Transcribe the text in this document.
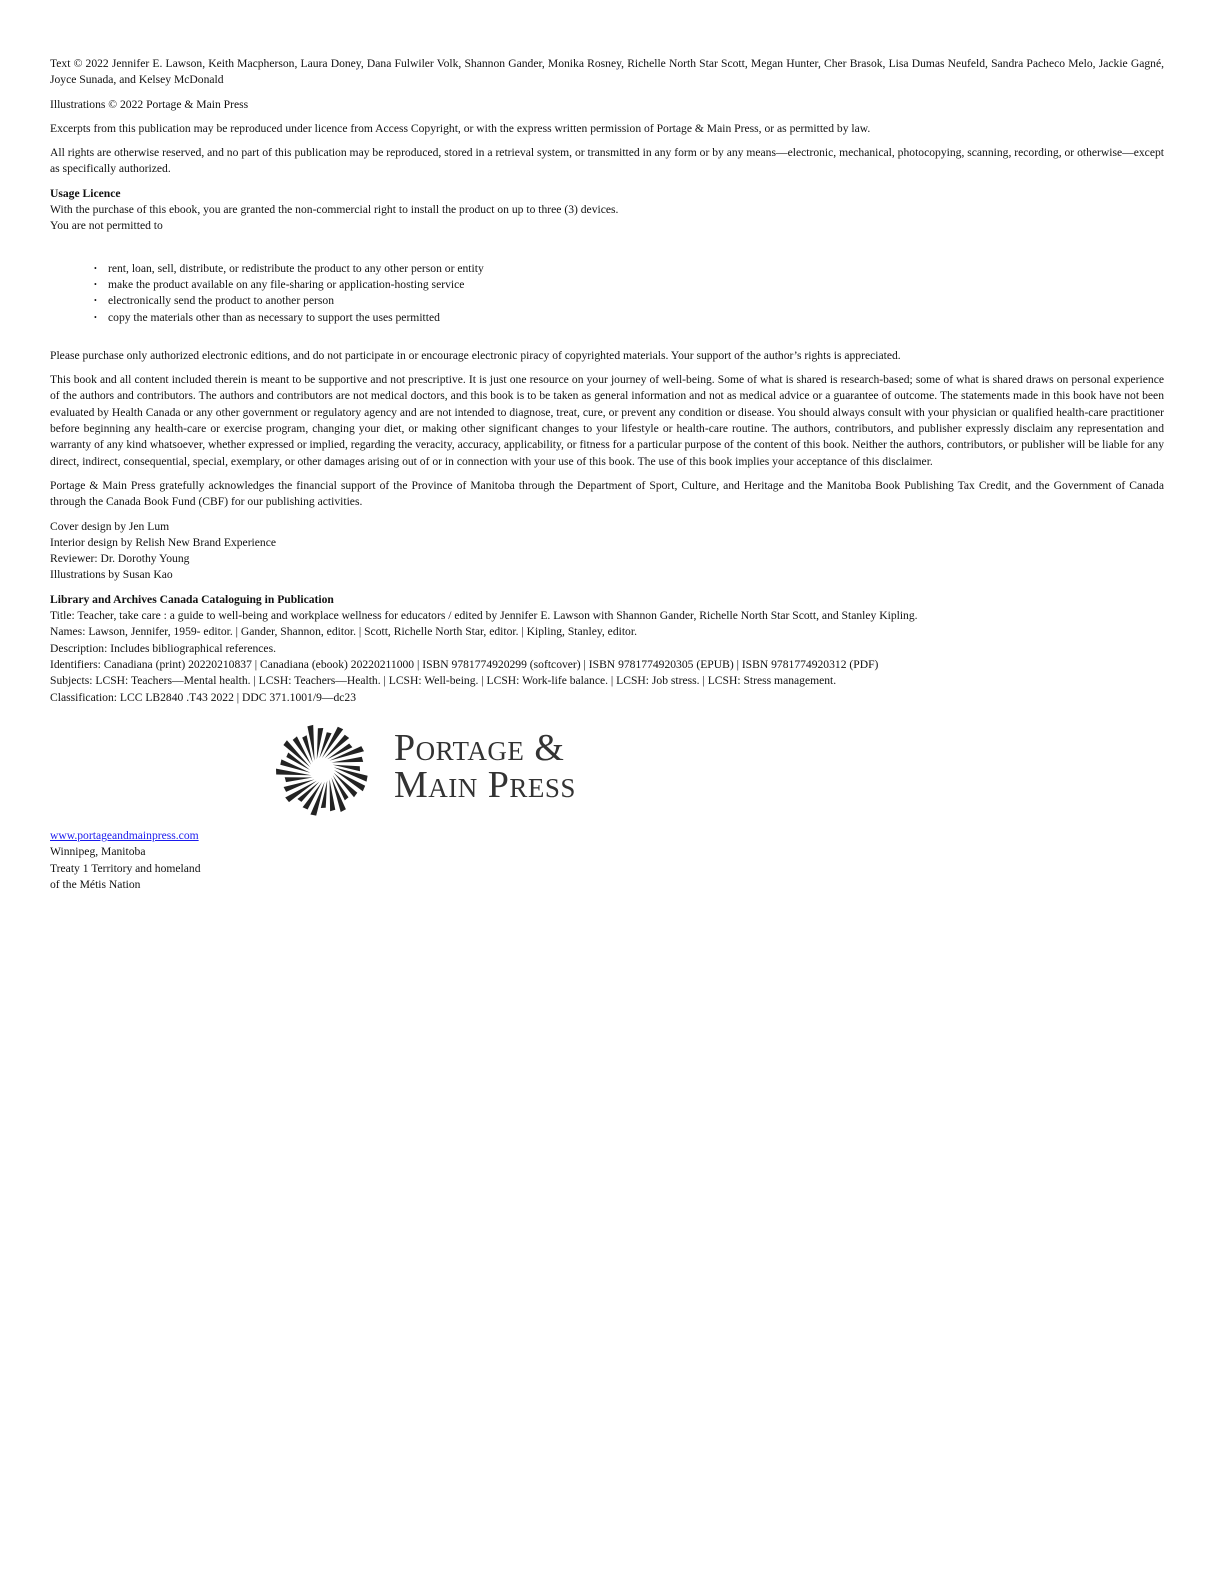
Text © 2022 Jennifer E. Lawson, Keith Macpherson, Laura Doney, Dana Fulwiler Volk, Shannon Gander, Monika Rosney, Richelle North Star Scott, Megan Hunter, Cher Brasok, Lisa Dumas Neufeld, Sandra Pacheco Melo, Jackie Gagné, Joyce Sunada, and Kelsey McDonald

Illustrations © 2022 Portage & Main Press

Excerpts from this publication may be reproduced under licence from Access Copyright, or with the express written permission of Portage & Main Press, or as permitted by law.

All rights are otherwise reserved, and no part of this publication may be reproduced, stored in a retrieval system, or transmitted in any form or by any means—electronic, mechanical, photocopying, scanning, recording, or otherwise—except as specifically authorized.

Usage Licence

With the purchase of this ebook, you are granted the non-commercial right to install the product on up to three (3) devices.

You are not permitted to

• rent, loan, sell, distribute, or redistribute the product to any other person or entity
• make the product available on any file-sharing or application-hosting service
• electronically send the product to another person
• copy the materials other than as necessary to support the uses permitted

Please purchase only authorized electronic editions, and do not participate in or encourage electronic piracy of copyrighted materials. Your support of the author’s rights is appreciated.

This book and all content included therein is meant to be supportive and not prescriptive. It is just one resource on your journey of well-being. Some of what is shared is research-based; some of what is shared draws on personal experience of the authors and contributors. The authors and contributors are not medical doctors, and this book is to be taken as general information and not as medical advice or a guarantee of outcome. The statements made in this book have not been evaluated by Health Canada or any other government or regulatory agency and are not intended to diagnose, treat, cure, or prevent any condition or disease. You should always consult with your physician or qualified health-care practitioner before beginning any health-care or exercise program, changing your diet, or making other significant changes to your lifestyle or health-care routine. The authors, contributors, and publisher expressly disclaim any representation and warranty of any kind whatsoever, whether expressed or implied, regarding the veracity, accuracy, applicability, or fitness for a particular purpose of the content of this book. Neither the authors, contributors, or publisher will be liable for any direct, indirect, consequential, special, exemplary, or other damages arising out of or in connection with your use of this book. The use of this book implies your acceptance of this disclaimer.

Portage & Main Press gratefully acknowledges the financial support of the Province of Manitoba through the Department of Sport, Culture, and Heritage and the Manitoba Book Publishing Tax Credit, and the Government of Canada through the Canada Book Fund (CBF) for our publishing activities.

Cover design by Jen Lum

Interior design by Relish New Brand Experience

Reviewer: Dr. Dorothy Young

Illustrations by Susan Kao

Library and Archives Canada Cataloguing in Publication

Title: Teacher, take care : a guide to well-being and workplace wellness for educators / edited by Jennifer E. Lawson with Shannon Gander, Richelle North Star Scott, and Stanley Kipling.

Names: Lawson, Jennifer, 1959- editor. | Gander, Shannon, editor. | Scott, Richelle North Star, editor. | Kipling, Stanley, editor.

Description: Includes bibliographical references.

Identifiers: Canadiana (print) 20220210837 | Canadiana (ebook) 20220211000 | ISBN 9781774920299 (softcover) | ISBN 9781774920305 (EPUB) | ISBN 9781774920312 (PDF)

Subjects: LCSH: Teachers—Mental health. | LCSH: Teachers—Health. | LCSH: Well-being. | LCSH: Work-life balance. | LCSH: Job stress. | LCSH: Stress management.

Classification: LCC LB2840 .T43 2022 | DDC 371.1001/9—dc23

Portage &
Main Press
www.portageandmainpress.com
Winnipeg, Manitoba
Treaty 1 Territory and homeland
of the Métis Nation
